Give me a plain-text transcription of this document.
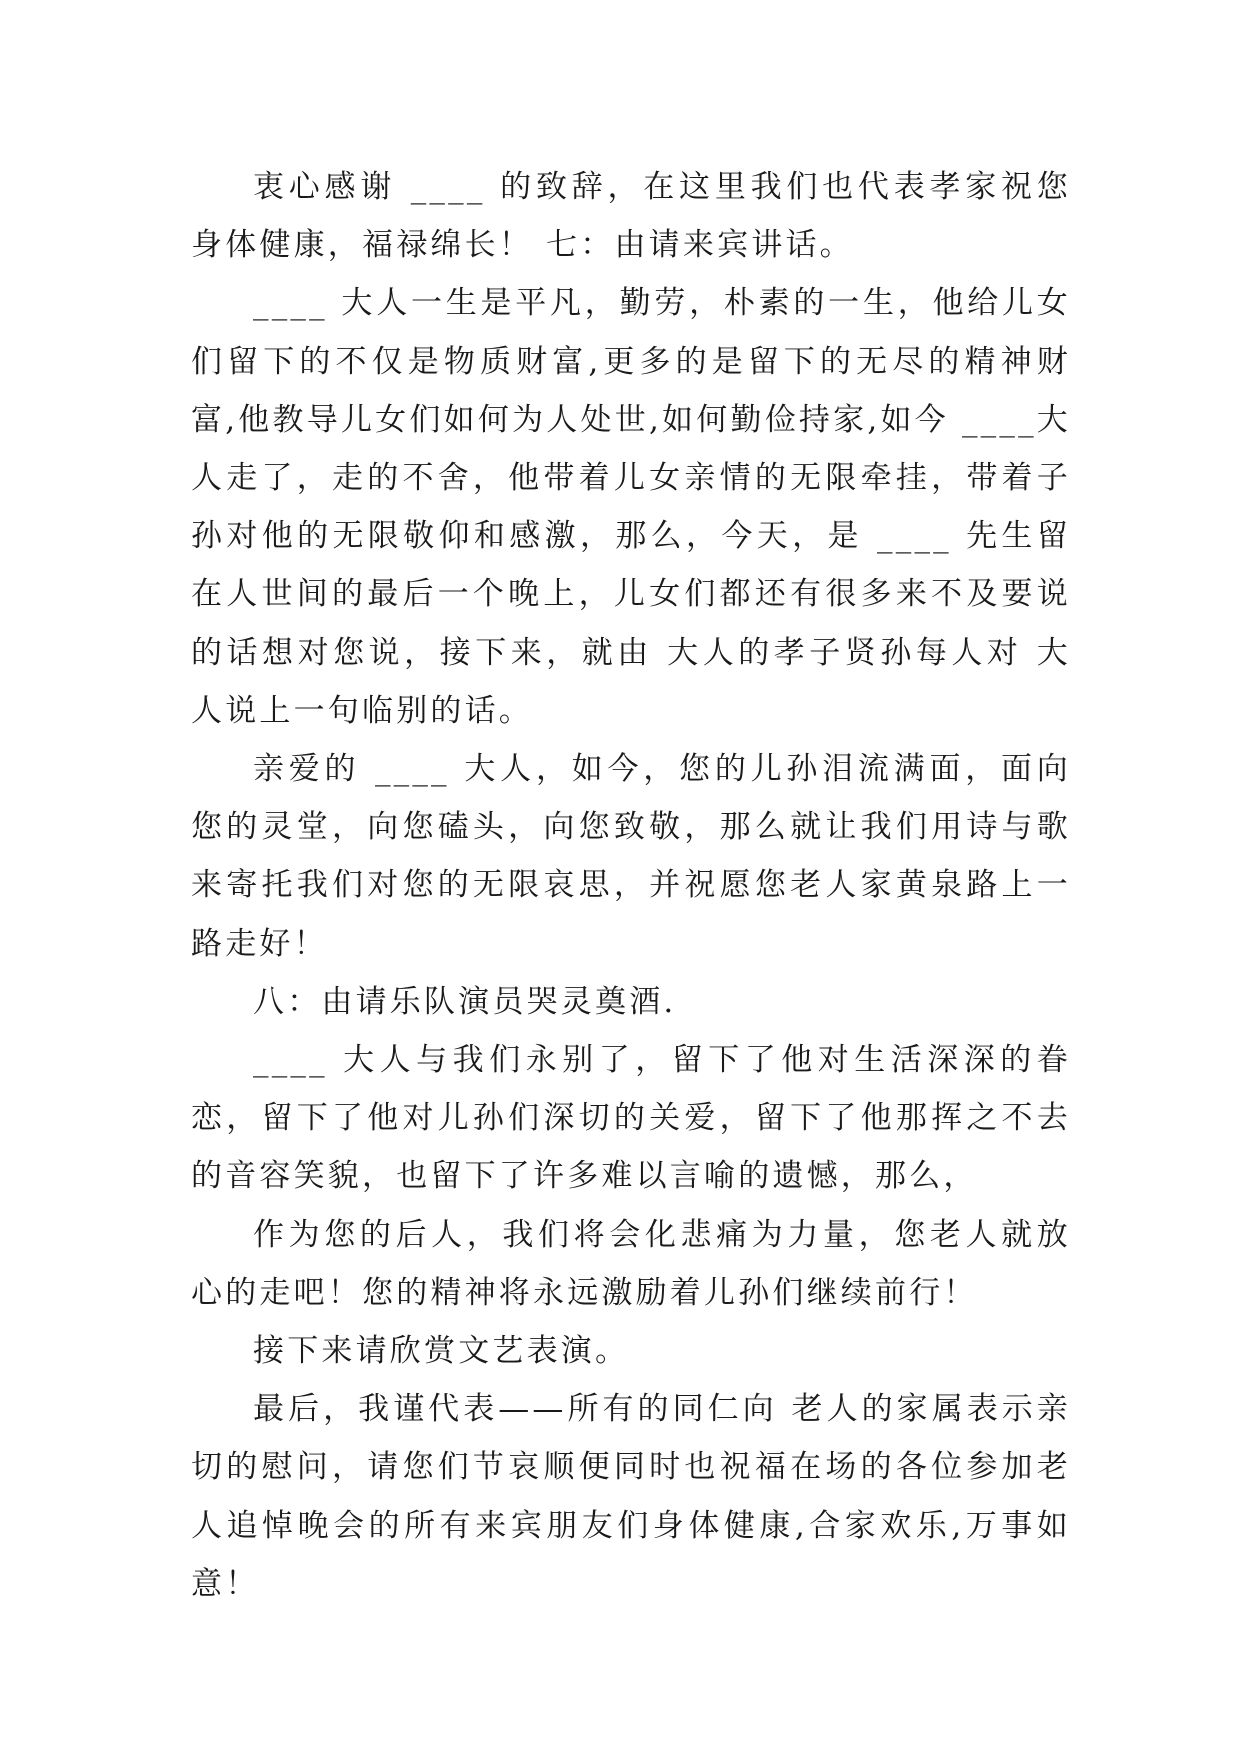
衷心感谢 ____ 的致辞，在这里我们也代表孝家祝您身体健康，福禄绵长！ 七：由请来宾讲话。

____ 大人一生是平凡，勤劳，朴素的一生，他给儿女们留下的不仅是物质财富,更多的是留下的无尽的精神财富,他教导儿女们如何为人处世,如何勤俭持家,如今 ____大人走了，走的不舍，他带着儿女亲情的无限牵挂，带着子孙对他的无限敬仰和感激，那么，今天，是 ____ 先生留在人世间的最后一个晚上，儿女们都还有很多来不及要说的话想对您说，接下来，就由 大人的孝子贤孙每人对 大人说上一句临别的话。

亲爱的 ____ 大人，如今，您的儿孙泪流满面，面向您的灵堂，向您磕头，向您致敬，那么就让我们用诗与歌来寄托我们对您的无限哀思，并祝愿您老人家黄泉路上一路走好！

八：由请乐队演员哭灵奠酒.

____ 大人与我们永别了，留下了他对生活深深的眷恋，留下了他对儿孙们深切的关爱，留下了他那挥之不去的音容笑貌，也留下了许多难以言喻的遗憾，那么，

作为您的后人，我们将会化悲痛为力量，您老人就放心的走吧！您的精神将永远激励着儿孙们继续前行！

接下来请欣赏文艺表演。

最后，我谨代表——所有的同仁向 老人的家属表示亲切的慰问，请您们节哀顺便同时也祝福在场的各位参加老人追悼晚会的所有来宾朋友们身体健康,合家欢乐,万事如意！
